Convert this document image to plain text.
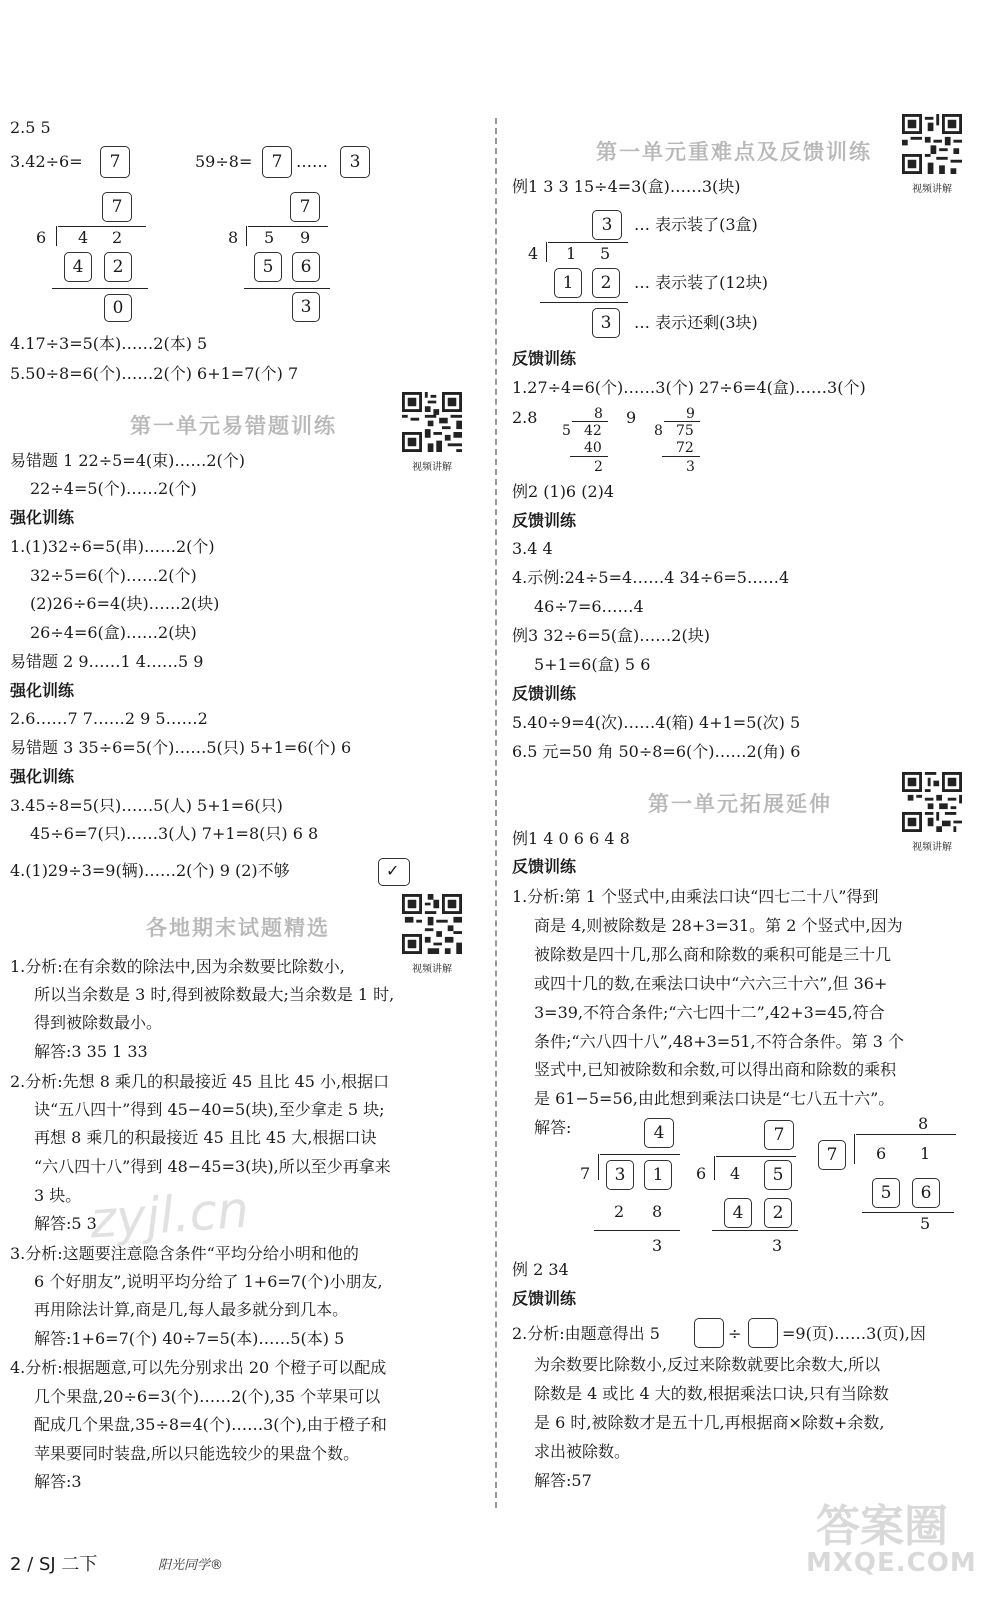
2.5 5
3.42÷6=	7	59÷8=	7 ……	3
7
6 4 2
4	2
0
7
8 5 9
5	6
3
4.17÷3=5(本)……2(本) 5
5.50÷8=6(个)……2(个) 6+1=7(个) 7
第一单元易错题训练
视频讲解
易错题 1 22÷5=4(束)……2(个)
22÷4=5(个)……2(个)
强化训练
1.(1)32÷6=5(串)……2(个)
32÷5=6(个)……2(个)
(2)26÷6=4(块)……2(块)
26÷4=6(盒)……2(块)
易错题 2 9……1 4……5 9
强化训练
2.6……7 7……2 9 5……2
易错题 3 35÷6=5(个)……5(只) 5+1=6(个) 6
强化训练
3.45÷8=5(只)……5(人) 5+1=6(只)
45÷6=7(只)……3(人) 7+1=8(只) 6 8
4.(1)29÷3=9(辆)……2(个) 9 (2)不够	✓
各地期末试题精选
视频讲解
1.分析:在有余数的除法中,因为余数要比除数小,
所以当余数是 3 时,得到被除数最大;当余数是 1 时,
得到被除数最小。
解答:3 35 1 33
2.分析:先想 8 乘几的积最接近 45 且比 45 小,根据口
诀“五八四十”得到 45−40=5(块),至少拿走 5 块;
再想 8 乘几的积最接近 45 且比 45 大,根据口诀
“六八四十八”得到 48−45=3(块),所以至少再拿来
3 块。
解答:5 3
3.分析:这题要注意隐含条件“平均分给小明和他的
6 个好朋友”,说明平均分给了 1+6=7(个)小朋友,
再用除法计算,商是几,每人最多就分到几本。
解答:1+6=7(个) 40÷7=5(本)……5(本) 5
4.分析:根据题意,可以先分别求出 20 个橙子可以配成
几个果盘,20÷6=3(个)……2(个),35 个苹果可以
配成几个果盘,35÷8=4(个)……3(个),由于橙子和
苹果要同时装盘,所以只能选较少的果盘个数。
解答:3
第一单元重难点及反馈训练
视频讲解
例1 3 3 15÷4=3(盒)……3(块)
3
4 1 5
1	2
3
… 表示装了(3盒)
… 表示装了(12块)
… 表示还剩(3块)
反馈训练
1.27÷4=6(个)……3(个) 27÷6=4(盒)……3(个)
2.8	8
5 42
40
2
9	9
8 75
72
3
例2 (1)6 (2)4
反馈训练
3.4 4
4.示例:24÷5=4……4 34÷6=5……4
46÷7=6……4
例3 32÷6=5(盒)……2(块)
5+1=6(盒) 5 6
反馈训练
5.40÷9=4(次)……4(箱) 4+1=5(次) 5
6.5 元=50 角 50÷8=6(个)……2(角) 6
第一单元拓展延伸
视频讲解
例1 4 0 6 6 4 8
反馈训练
1.分析:第 1 个竖式中,由乘法口诀“四七二十八”得到
商是 4,则被除数是 28+3=31。第 2 个竖式中,因为
被除数是四十几,那么商和除数的乘积可能是三十几
或四十几的数,在乘法口诀中“六六三十六”,但 36+
3=39,不符合条件;“六七四十二”,42+3=45,符合
条件;“六八四十八”,48+3=51,不符合条件。第 3 个
竖式中,已知被除数和余数,可以得出商和除数的乘积
是 61−5=56,由此想到乘法口诀是“七八五十六”。
解答:	4
7	3	1
2 8
3
7
6 4	5
4	2
3
8
7	6 1
5	6
5
例 2 34
反馈训练
2.分析:由题意得出 5	÷	=9(页)……3(页),因
为余数要比除数小,反过来除数就要比余数大,所以
除数是 4 或比 4 大的数,根据乘法口诀,只有当除数
是 6 时,被除数才是五十几,再根据商×除数+余数,
求出被除数。
解答:57
zyjl.cn
答案圈
MXQE.COM
2 / SJ 二下	阳光同学®
